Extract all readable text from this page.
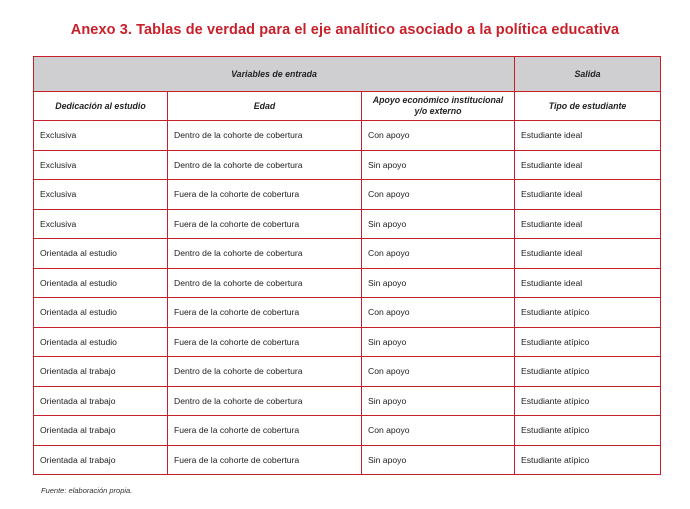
Anexo 3. Tablas de verdad para el eje analítico asociado a la política educativa
Variables de entrada			Salida
Dedicación al estudio	Edad	Apoyo económico institucional y/o externo	Tipo de estudiante
Exclusiva	Dentro de la cohorte de cobertura	Con apoyo	Estudiante ideal
Exclusiva	Dentro de la cohorte de cobertura	Sin apoyo	Estudiante ideal
Exclusiva	Fuera de la cohorte de cobertura	Con apoyo	Estudiante ideal
Exclusiva	Fuera de la cohorte de cobertura	Sin apoyo	Estudiante ideal
Orientada al estudio	Dentro de la cohorte de cobertura	Con apoyo	Estudiante ideal
Orientada al estudio	Dentro de la cohorte de cobertura	Sin apoyo	Estudiante ideal
Orientada al estudio	Fuera de la cohorte de cobertura	Con apoyo	Estudiante atípico
Orientada al estudio	Fuera de la cohorte de cobertura	Sin apoyo	Estudiante atípico
Orientada al trabajo	Dentro de la cohorte de cobertura	Con apoyo	Estudiante atípico
Orientada al trabajo	Dentro de la cohorte de cobertura	Sin apoyo	Estudiante atípico
Orientada al trabajo	Fuera de la cohorte de cobertura	Con apoyo	Estudiante atípico
Orientada al trabajo	Fuera de la cohorte de cobertura	Sin apoyo	Estudiante atípico
Fuente: elaboración propia.
